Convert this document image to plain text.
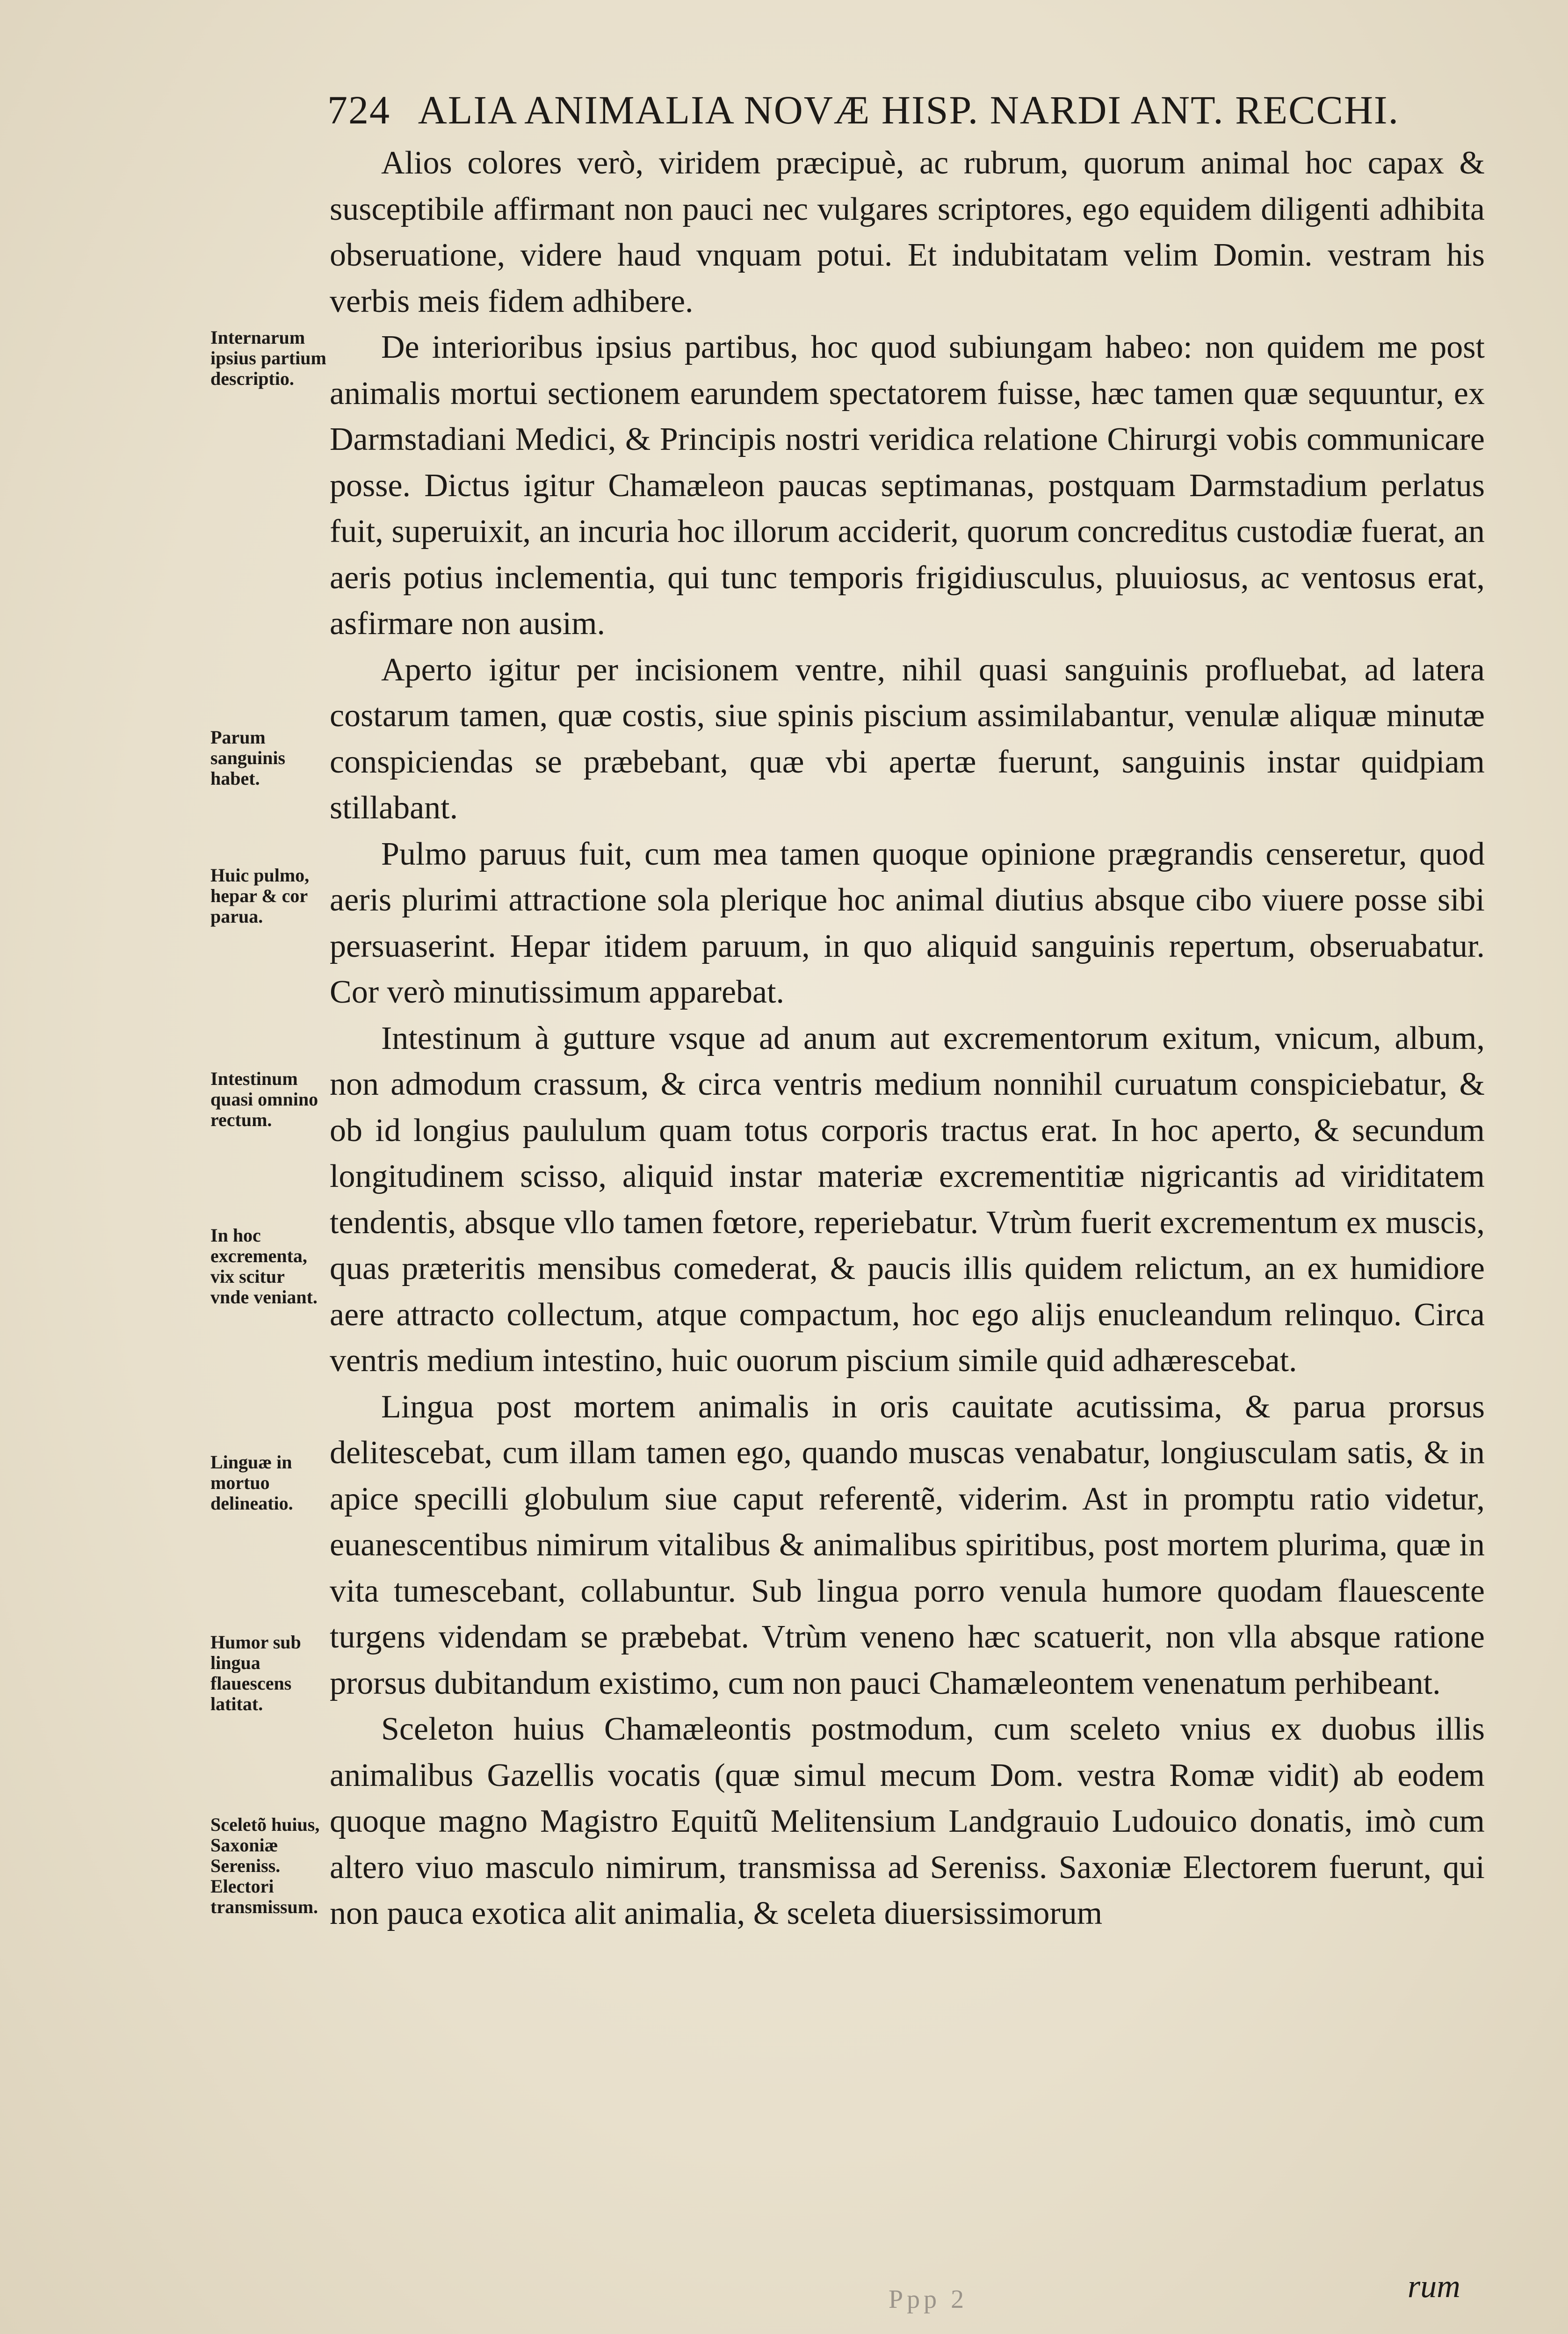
724 ALIA ANIMALIA NOVÆ HISP. NARDI ANT. RECCHI.

Alios colores verò, viridem præcipuè, ac rubrum, quorum animal hoc capax & susceptibile affirmant non pauci nec vulgares scriptores, ego equidem diligenti adhibita obseruatione, videre haud vnquam potui. Et indubitatam velim Domin. vestram his verbis meis fidem adhibere.

De interioribus ipsius partibus, hoc quod subiungam habeo: non quidem me post animalis mortui sectionem earundem spectatorem fuisse, hæc tamen quæ sequuntur, ex Darmstadiani Medici, & Principis nostri veridica relatione Chirurgi vobis communicare posse. Dictus igitur Chamæleon paucas septimanas, postquam Darmstadium perlatus fuit, superuixit, an incuria hoc illorum acciderit, quorum concreditus custodiæ fuerat, an aeris potius inclementia, qui tunc temporis frigidiusculus, pluuiosus, ac ventosus erat, asfirmare non ausim.

Aperto igitur per incisionem ventre, nihil quasi sanguinis profluebat, ad latera costarum tamen, quæ costis, siue spinis piscium assimilabantur, venulæ aliquæ minutæ conspiciendas se præbebant, quæ vbi apertæ fuerunt, sanguinis instar quidpiam stillabant.

Pulmo paruus fuit, cum mea tamen quoque opinione prægrandis censeretur, quod aeris plurimi attractione sola plerique hoc animal diutius absque cibo viuere posse sibi persuaserint. Hepar itidem paruum, in quo aliquid sanguinis repertum, obseruabatur. Cor verò minutissimum apparebat.

Intestinum à gutture vsque ad anum aut excrementorum exitum, vnicum, album, non admodum crassum, & circa ventris medium nonnihil curuatum conspiciebatur, & ob id longius paululum quam totus corporis tractus erat. In hoc aperto, & secundum longitudinem scisso, aliquid instar materiæ excrementitiæ nigricantis ad viriditatem tendentis, absque vllo tamen fœtore, reperiebatur. Vtrùm fuerit excrementum ex muscis, quas præteritis mensibus comederat, & paucis illis quidem relictum, an ex humidiore aere attracto collectum, atque compactum, hoc ego alijs enucleandum relinquo. Circa ventris medium intestino, huic ouorum piscium simile quid adhærescebat.

Lingua post mortem animalis in oris cauitate acutissima, & parua prorsus delitescebat, cum illam tamen ego, quando muscas venabatur, longiusculam satis, & in apice specilli globulum siue caput referentẽ, viderim. Ast in promptu ratio videtur, euanescentibus nimirum vitalibus & animalibus spiritibus, post mortem plurima, quæ in vita tumescebant, collabuntur. Sub lingua porro venula humore quodam flauescente turgens videndam se præbebat. Vtrùm veneno hæc scatuerit, non vlla absque ratione prorsus dubitandum existimo, cum non pauci Chamæleontem venenatum perhibeant.

Sceleton huius Chamæleontis postmodum, cum sceleto vnius ex duobus illis animalibus Gazellis vocatis (quæ simul mecum Dom. vestra Romæ vidit) ab eodem quoque magno Magistro Equitũ Melitensium Landgrauio Ludouico donatis, imò cum altero viuo masculo nimirum, transmissa ad Sereniss. Saxoniæ Electorem fuerunt, qui non pauca exotica alit animalia, & sceleta diuersissimorum

Internarum ipsius partium descriptio.
Parum sanguinis habet.
Huic pulmo, hepar & cor parua.
Intestinum quasi omnino rectum.
In hoc excrementa, vix scitur vnde veniant.
Linguæ in mortuo delineatio.
Humor sub lingua flauescens latitat.
Sceletõ huius, Saxoniæ Sereniss. Electori transmissum.
Ppp 2	rum
